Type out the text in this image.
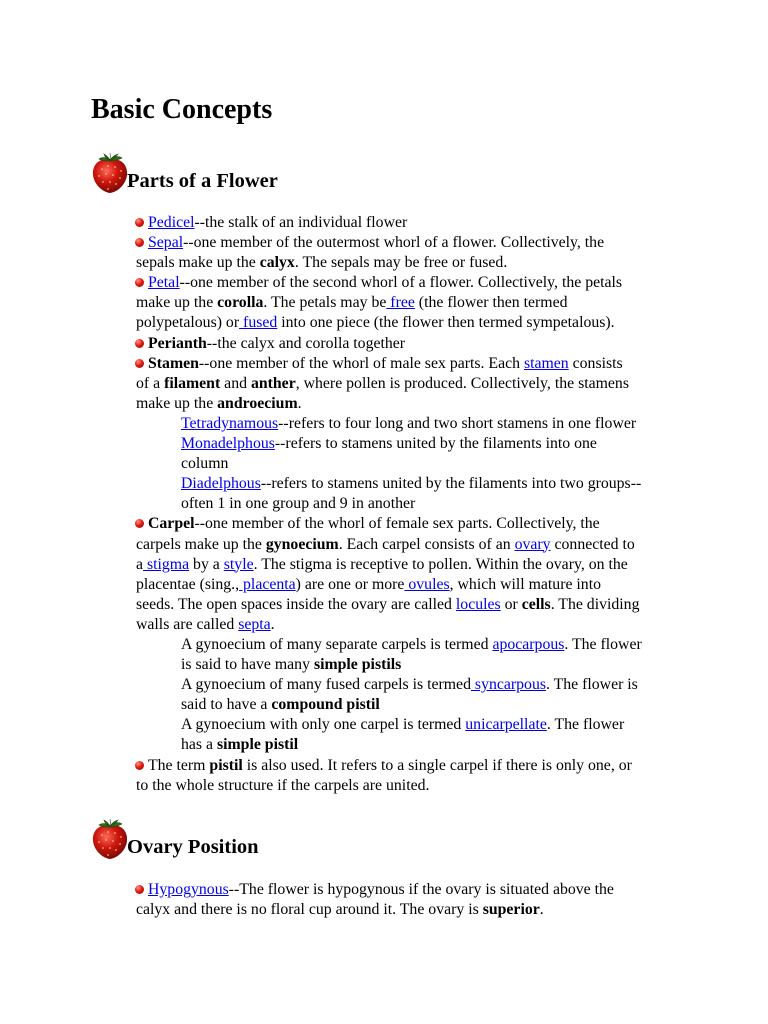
Basic Concepts
Parts of a Flower
Pedicel--the stalk of an individual flower
Sepal--one member of the outermost whorl of a flower. Collectively, the
sepals make up the calyx. The sepals may be free or fused.
Petal--one member of the second whorl of a flower. Collectively, the petals
make up the corolla. The petals may be free (the flower then termed
polypetalous) or fused into one piece (the flower then termed sympetalous).
Perianth--the calyx and corolla together
Stamen--one member of the whorl of male sex parts. Each stamen consists
of a filament and anther, where pollen is produced. Collectively, the stamens
make up the androecium.
Tetradynamous--refers to four long and two short stamens in one flower
Monadelphous--refers to stamens united by the filaments into one
column
Diadelphous--refers to stamens united by the filaments into two groups--
often 1 in one group and 9 in another
Carpel--one member of the whorl of female sex parts. Collectively, the
carpels make up the gynoecium. Each carpel consists of an ovary connected to
a stigma by a style. The stigma is receptive to pollen. Within the ovary, on the
placentae (sing., placenta) are one or more ovules, which will mature into
seeds. The open spaces inside the ovary are called locules or cells. The dividing
walls are called septa.
A gynoecium of many separate carpels is termed apocarpous. The flower
is said to have many simple pistils
A gynoecium of many fused carpels is termed syncarpous. The flower is
said to have a compound pistil
A gynoecium with only one carpel is termed unicarpellate. The flower
has a simple pistil
The term pistil is also used. It refers to a single carpel if there is only one, or
to the whole structure if the carpels are united.
Ovary Position
Hypogynous--The flower is hypogynous if the ovary is situated above the
calyx and there is no floral cup around it. The ovary is superior.
